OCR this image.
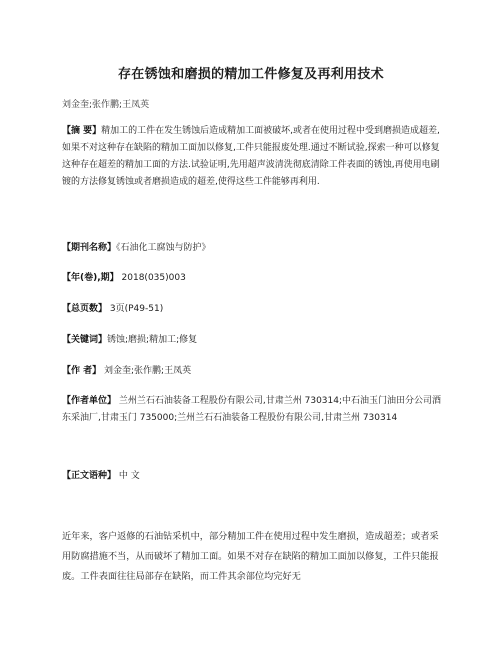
存在锈蚀和磨损的精加工件修复及再利用技术
刘金奎;张作鹏;王凤英
【摘 要】精加工的工件在发生锈蚀后造成精加工面被破坏,或者在使用过程中受到磨损造成超差,如果不对这种存在缺陷的精加工面加以修复,工件只能报废处理.通过不断试验,探索一种可以修复这种存在超差的精加工面的方法.试验证明,先用超声波清洗彻底清除工件表面的锈蚀,再使用电刷镀的方法修复锈蚀或者磨损造成的超差,使得这些工件能够再利用.
【期刊名称】《石油化工腐蚀与防护》
【年(卷),期】 2018(035)003
【总页数】 3页(P49-51)
【关键词】锈蚀;磨损;精加工;修复
【作 者】 刘金奎;张作鹏;王凤英
【作者单位】 兰州兰石石油装备工程股份有限公司,甘肃兰州 730314;中石油玉门油田分公司酒东采油厂,甘肃玉门 735000;兰州兰石石油装备工程股份有限公司,甘肃兰州 730314
【正文语种】 中 文
近年来，客户返修的石油钻采机中，部分精加工件在使用过程中发生磨损，造成超差；或者采用防腐措施不当，从而破坏了精加工面。如果不对存在缺陷的精加工面加以修复，工件只能报废。工件表面往往局部存在缺陷，而工件其余部位均完好无
